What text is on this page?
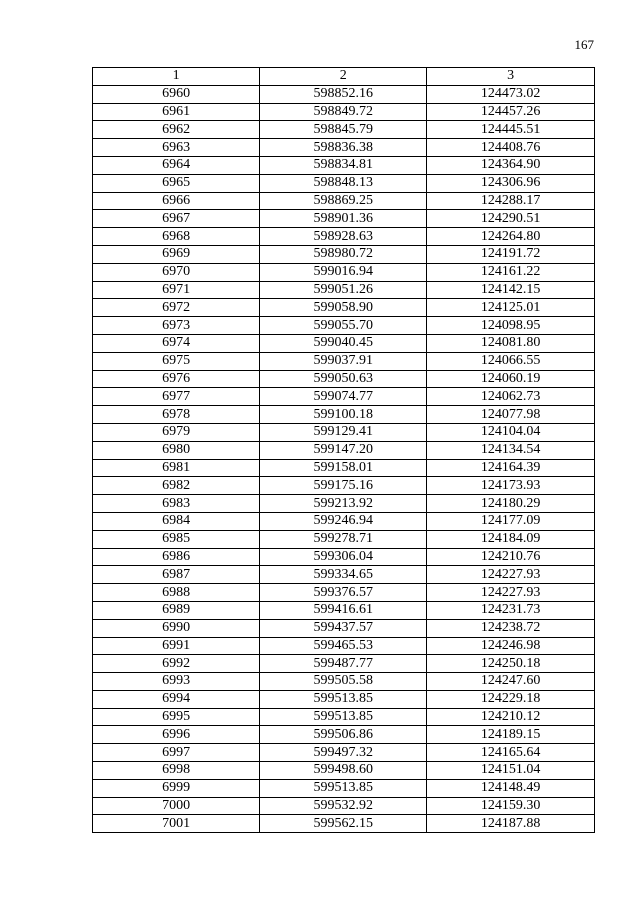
167
1	2	3
6960	598852.16	124473.02
6961	598849.72	124457.26
6962	598845.79	124445.51
6963	598836.38	124408.76
6964	598834.81	124364.90
6965	598848.13	124306.96
6966	598869.25	124288.17
6967	598901.36	124290.51
6968	598928.63	124264.80
6969	598980.72	124191.72
6970	599016.94	124161.22
6971	599051.26	124142.15
6972	599058.90	124125.01
6973	599055.70	124098.95
6974	599040.45	124081.80
6975	599037.91	124066.55
6976	599050.63	124060.19
6977	599074.77	124062.73
6978	599100.18	124077.98
6979	599129.41	124104.04
6980	599147.20	124134.54
6981	599158.01	124164.39
6982	599175.16	124173.93
6983	599213.92	124180.29
6984	599246.94	124177.09
6985	599278.71	124184.09
6986	599306.04	124210.76
6987	599334.65	124227.93
6988	599376.57	124227.93
6989	599416.61	124231.73
6990	599437.57	124238.72
6991	599465.53	124246.98
6992	599487.77	124250.18
6993	599505.58	124247.60
6994	599513.85	124229.18
6995	599513.85	124210.12
6996	599506.86	124189.15
6997	599497.32	124165.64
6998	599498.60	124151.04
6999	599513.85	124148.49
7000	599532.92	124159.30
7001	599562.15	124187.88
